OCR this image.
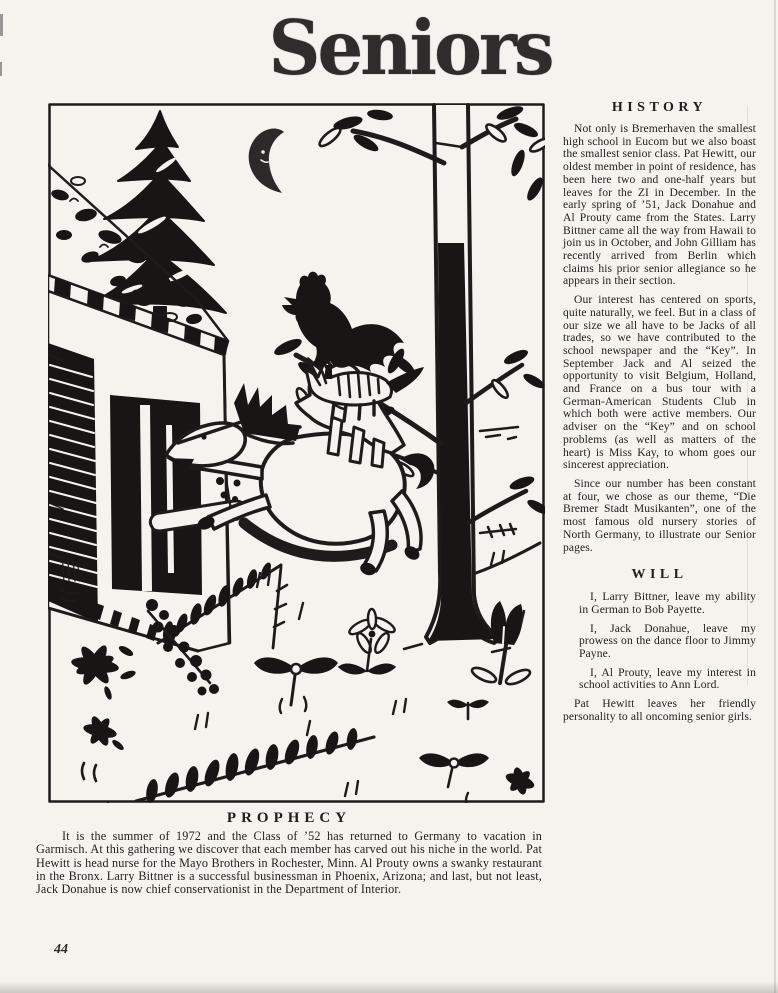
Seniors
HISTORY

Not only is Bremerhaven the smallest high school in Eucom but we also boast the smallest senior class. Pat Hewitt, our oldest member in point of residence, has been here two and one-half years but leaves for the ZI in December. In the early spring of ’51, Jack Donahue and Al Prouty came from the States. Larry Bittner came all the way from Hawaii to join us in October, and John Gilliam has recently arrived from Berlin which claims his prior senior allegiance so he appears in their section.

Our interest has centered on sports, quite naturally, we feel. But in a class of our size we all have to be Jacks of all trades, so we have contributed to the school newspaper and the “Key”. In September Jack and Al seized the opportunity to visit Belgium, Holland, and France on a bus tour with a German-American Students Club in which both were active members. Our adviser on the “Key” and on school problems (as well as matters of the heart) is Miss Kay, to whom goes our sincerest appreciation.

Since our number has been constant at four, we chose as our theme, “Die Bremer Stadt Musikanten”, one of the most famous old nursery stories of North Germany, to illustrate our Senior pages.

WILL

I, Larry Bittner, leave my ability in German to Bob Payette.

I, Jack Donahue, leave my prowess on the dance floor to Jimmy Payne.

I, Al Prouty, leave my interest in school activities to Ann Lord.

Pat Hewitt leaves her friendly personality to all oncoming senior girls.

PROPHECY

It is the summer of 1972 and the Class of ’52 has returned to Germany to vacation in Garmisch. At this gathering we discover that each member has carved out his niche in the world. Pat Hewitt is head nurse for the Mayo Brothers in Rochester, Minn. Al Prouty owns a swanky restaurant in the Bronx. Larry Bittner is a successful businessman in Phoenix, Arizona; and last, but not least, Jack Donahue is now chief conservationist in the Department of Interior.

44
